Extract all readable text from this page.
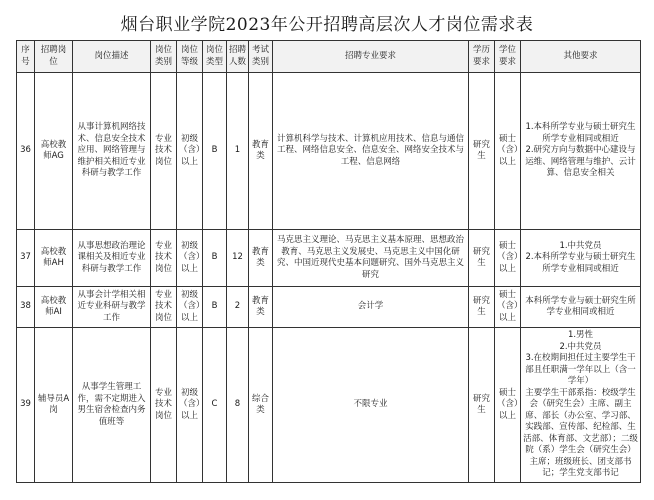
烟台职业学院2023年公开招聘高层次人才岗位需求表
序号	招聘岗位	岗位描述	岗位类别	岗位等级	岗位类型	招聘人数	考试类别	招聘专业要求	学历要求	学位要求	其他要求
36	高校教师AG	从事计算机网络技术、信息安全技术应用、网络管理与维护相关相近专业科研与教学工作	专业技术岗位	初级（含）以上	B	1	教育类	计算机科学与技术、计算机应用技术、信息与通信工程、网络信息安全、信息安全、网络安全技术与工程、信息网络	研究生	硕士（含）以上	1.本科所学专业与硕士研究生所学专业相同或相近
2.研究方向与数据中心建设与运维、网络管理与维护、云计算、信息安全相关
37	高校教师AH	从事思想政治理论课相关及相近专业科研与教学工作	专业技术岗位	初级（含）以上	B	12	教育类	马克思主义理论、马克思主义基本原理、思想政治教育、马克思主义发展史、马克思主义中国化研究、中国近现代史基本问题研究、国外马克思主义研究	研究生	硕士（含）以上	1.中共党员
2.本科所学专业与硕士研究生所学专业相同或相近
38	高校教师AI	从事会计学相关相近专业科研与教学工作	专业技术岗位	初级（含）以上	B	2	教育类	会计学	研究生	硕士（含）以上	本科所学专业与硕士研究生所学专业相同或相近
39	辅导员A岗	从事学生管理工作，需不定期进入男生宿舍检查内务值班等	专业技术岗位	初级（含）以上	C	8	综合类	不限专业	研究生	硕士（含）以上	1.男性
2.中共党员
3.在校期间担任过主要学生干部且任职满一学年以上（含一学年）
主要学生干部系指：校级学生会（研究生会）主席、副主席、部长（办公室、学习部、实践部、宣传部、纪检部、生活部、体育部、文艺部）；二级院（系）学生会（研究生会）主席；班级班长、团支部书记；学生党支部书记
